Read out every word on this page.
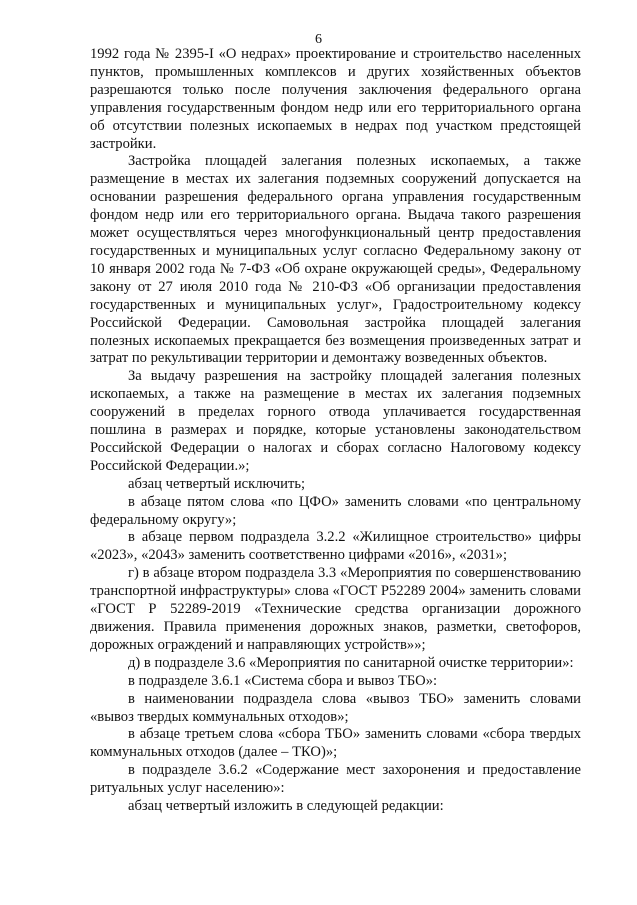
6

1992 года № 2395-I «О недрах» проектирование и строительство населенных пунктов, промышленных комплексов и других хозяйственных объектов разрешаются только после получения заключения федерального органа управления государственным фондом недр или его территориального органа об отсутствии полезных ископаемых в недрах под участком предстоящей застройки.

Застройка площадей залегания полезных ископаемых, а также размещение в местах их залегания подземных сооружений допускается на основании разрешения федерального органа управления государственным фондом недр или его территориального органа. Выдача такого разрешения может осуществляться через многофункциональный центр предоставления государственных и муниципальных услуг согласно Федеральному закону от 10 января 2002 года № 7-ФЗ «Об охране окружающей среды», Федеральному закону от 27 июля 2010 года № 210-ФЗ «Об организации предоставления государственных и муниципальных услуг», Градостроительному кодексу Российской Федерации. Самовольная застройка площадей залегания полезных ископаемых прекращается без возмещения произведенных затрат и затрат по рекультивации территории и демонтажу возведенных объектов.

За выдачу разрешения на застройку площадей залегания полезных ископаемых, а также на размещение в местах их залегания подземных сооружений в пределах горного отвода уплачивается государственная пошлина в размерах и порядке, которые установлены законодательством Российской Федерации о налогах и сборах согласно Налоговому кодексу Российской Федерации.»;

абзац четвертый исключить;

в абзаце пятом слова «по ЦФО» заменить словами «по центральному федеральному округу»;

в абзаце первом подраздела 3.2.2 «Жилищное строительство» цифры «2023», «2043» заменить соответственно цифрами «2016», «2031»;

г) в абзаце втором подраздела 3.3 «Мероприятия по совершенствованию транспортной инфраструктуры» слова «ГОСТ Р52289 2004» заменить словами «ГОСТ Р 52289-2019 «Технические средства организации дорожного движения. Правила применения дорожных знаков, разметки, светофоров, дорожных ограждений и направляющих устройств»»;

д) в подразделе 3.6 «Мероприятия по санитарной очистке территории»:

в подразделе 3.6.1 «Система сбора и вывоз ТБО»:

в наименовании подраздела слова «вывоз ТБО» заменить словами «вывоз твердых коммунальных отходов»;

в абзаце третьем слова «сбора ТБО» заменить словами «сбора твердых коммунальных отходов (далее – ТКО)»;

в подразделе 3.6.2 «Содержание мест захоронения и предоставление ритуальных услуг населению»:

абзац четвертый изложить в следующей редакции:
